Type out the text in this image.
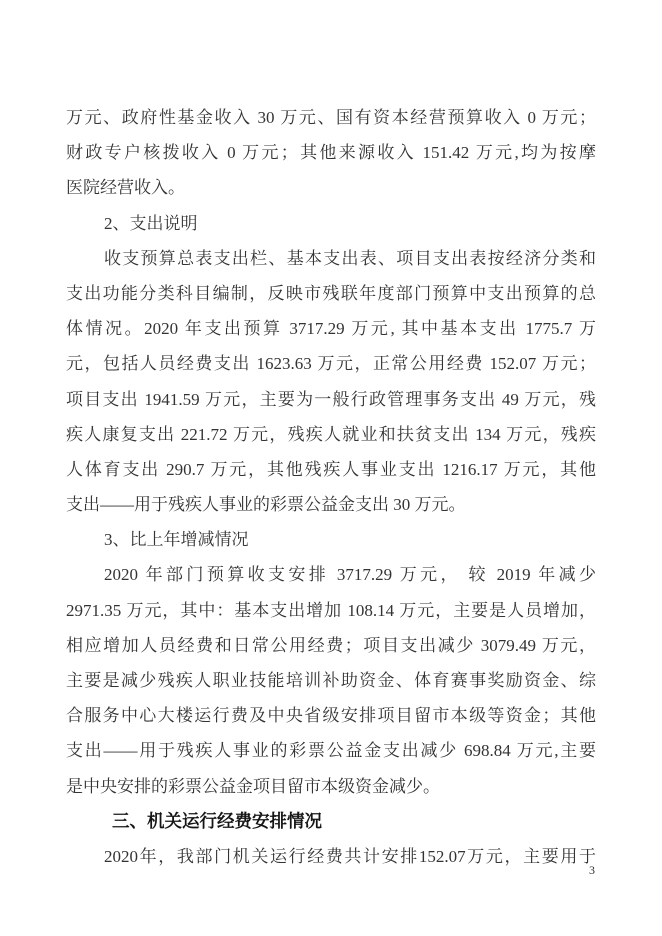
万元、政府性基金收入 30 万元、国有资本经营预算收入 0 万元；
财政专户核拨收入 0 万元；其他来源收入 151.42 万元,均为按摩
医院经营收入。
2、支出说明
收支预算总表支出栏、基本支出表、项目支出表按经济分类和
支出功能分类科目编制，反映市残联年度部门预算中支出预算的总
体情况。2020 年支出预算 3717.29 万元, 其中基本支出 1775.7 万
元，包括人员经费支出 1623.63 万元，正常公用经费 152.07 万元；
项目支出 1941.59 万元，主要为一般行政管理事务支出 49 万元，残
疾人康复支出 221.72 万元，残疾人就业和扶贫支出 134 万元，残疾
人体育支出 290.7 万元，其他残疾人事业支出 1216.17 万元，其他
支出——用于残疾人事业的彩票公益金支出 30 万元。
3、比上年增减情况
2020 年部门预算收支安排 3717.29 万元， 较 2019 年减少
2971.35 万元，其中：基本支出增加 108.14 万元，主要是人员增加，
相应增加人员经费和日常公用经费；项目支出减少 3079.49 万元，
主要是减少残疾人职业技能培训补助资金、体育赛事奖励资金、综
合服务中心大楼运行费及中央省级安排项目留市本级等资金；其他
支出——用于残疾人事业的彩票公益金支出减少 698.84 万元,主要
是中央安排的彩票公益金项目留市本级资金减少。
三、机关运行经费安排情况
2020年，我部门机关运行经费共计安排152.07万元，主要用于
3
